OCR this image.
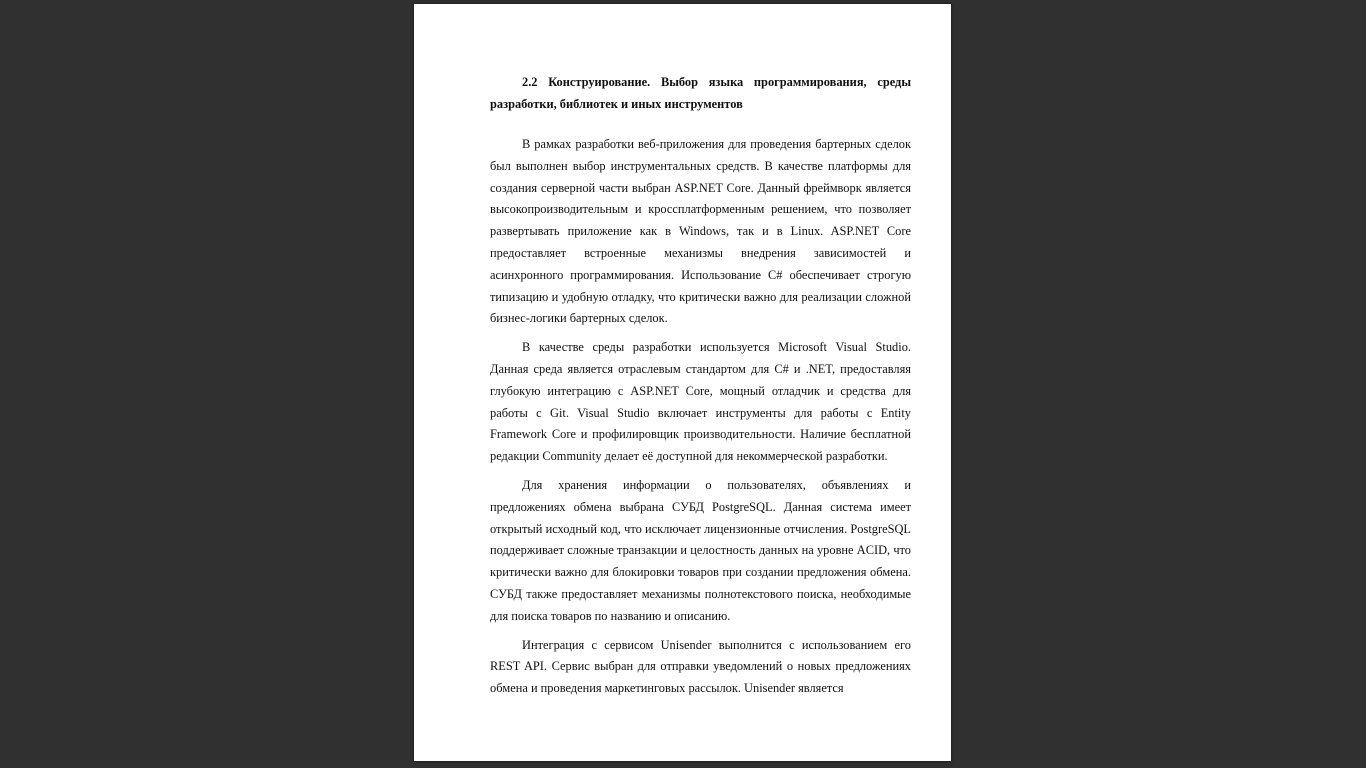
2.2 Конструирование. Выбор языка программирования, среды разработки, библиотек и иных инструментов

В рамках разработки веб-приложения для проведения бартерных сделок был выполнен выбор инструментальных средств. В качестве платформы для создания серверной части выбран ASP.NET Core. Данный фреймворк является высокопроизводительным и кроссплатформенным решением, что позволяет развертывать приложение как в Windows, так и в Linux. ASP.NET Core предоставляет встроенные механизмы внедрения зависимостей и асинхронного программирования. Использование C# обеспечивает строгую типизацию и удобную отладку, что критически важно для реализации сложной бизнес-логики бартерных сделок.

В качестве среды разработки используется Microsoft Visual Studio. Данная среда является отраслевым стандартом для C# и .NET, предоставляя глубокую интеграцию с ASP.NET Core, мощный отладчик и средства для работы с Git. Visual Studio включает инструменты для работы с Entity Framework Core и профилировщик производительности. Наличие бесплатной редакции Community делает её доступной для некоммерческой разработки.

Для хранения информации о пользователях, объявлениях и предложениях обмена выбрана СУБД PostgreSQL. Данная система имеет открытый исходный код, что исключает лицензионные отчисления. PostgreSQL поддерживает сложные транзакции и целостность данных на уровне ACID, что критически важно для блокировки товаров при создании предложения обмена. СУБД также предоставляет механизмы полнотекстового поиска, необходимые для поиска товаров по названию и описанию.

Интеграция с сервисом Unisender выполнится с использованием его REST API. Сервис выбран для отправки уведомлений о новых предложениях обмена и проведения маркетинговых рассылок. Unisender является
